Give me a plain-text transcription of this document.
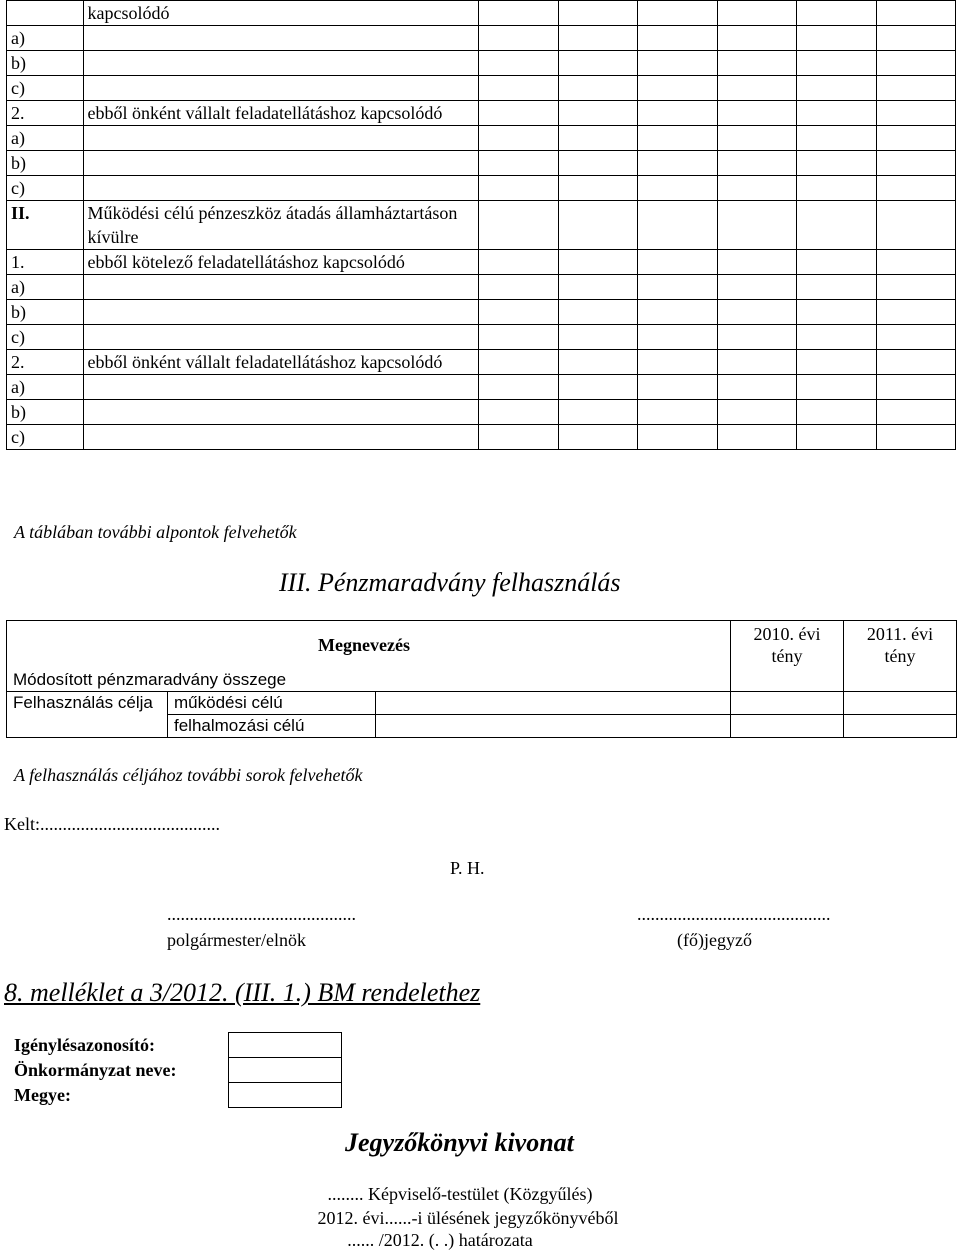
	kapcsolódó						
a)							
b)							
c)							
2.	ebből önként vállalt feladatellátáshoz kapcsolódó						
a)							
b)							
c)							
II.	Működési célú pénzeszköz átadás államháztartáson kívülre						
1.	ebből kötelező feladatellátáshoz kapcsolódó						
a)							
b)							
c)							
2.	ebből önként vállalt feladatellátáshoz kapcsolódó						
a)							
b)							
c)							
A táblában további alpontok felvehetők
III. Pénzmaradvány felhasználás
Megnevezés			2010. évi tény	2011. évi tény
Módosított pénzmaradvány összege				
Felhasználás célja	működési célú			
	felhalmozási célú			
A felhasználás céljához további sorok felvehetők
Kelt:........................................
P. H.
..........................................
polgármester/elnök
...........................................
(fő)jegyző
8. melléklet a 3/2012. (III. 1.) BM rendelethez
Igénylésazonosító:
Önkormányzat neve:
Megye:
Jegyzőkönyvi kivonat
........ Képviselő-testület (Közgyűlés)
2012. évi......-i ülésének jegyzőkönyvéből
...... /2012. (. .) határozata
